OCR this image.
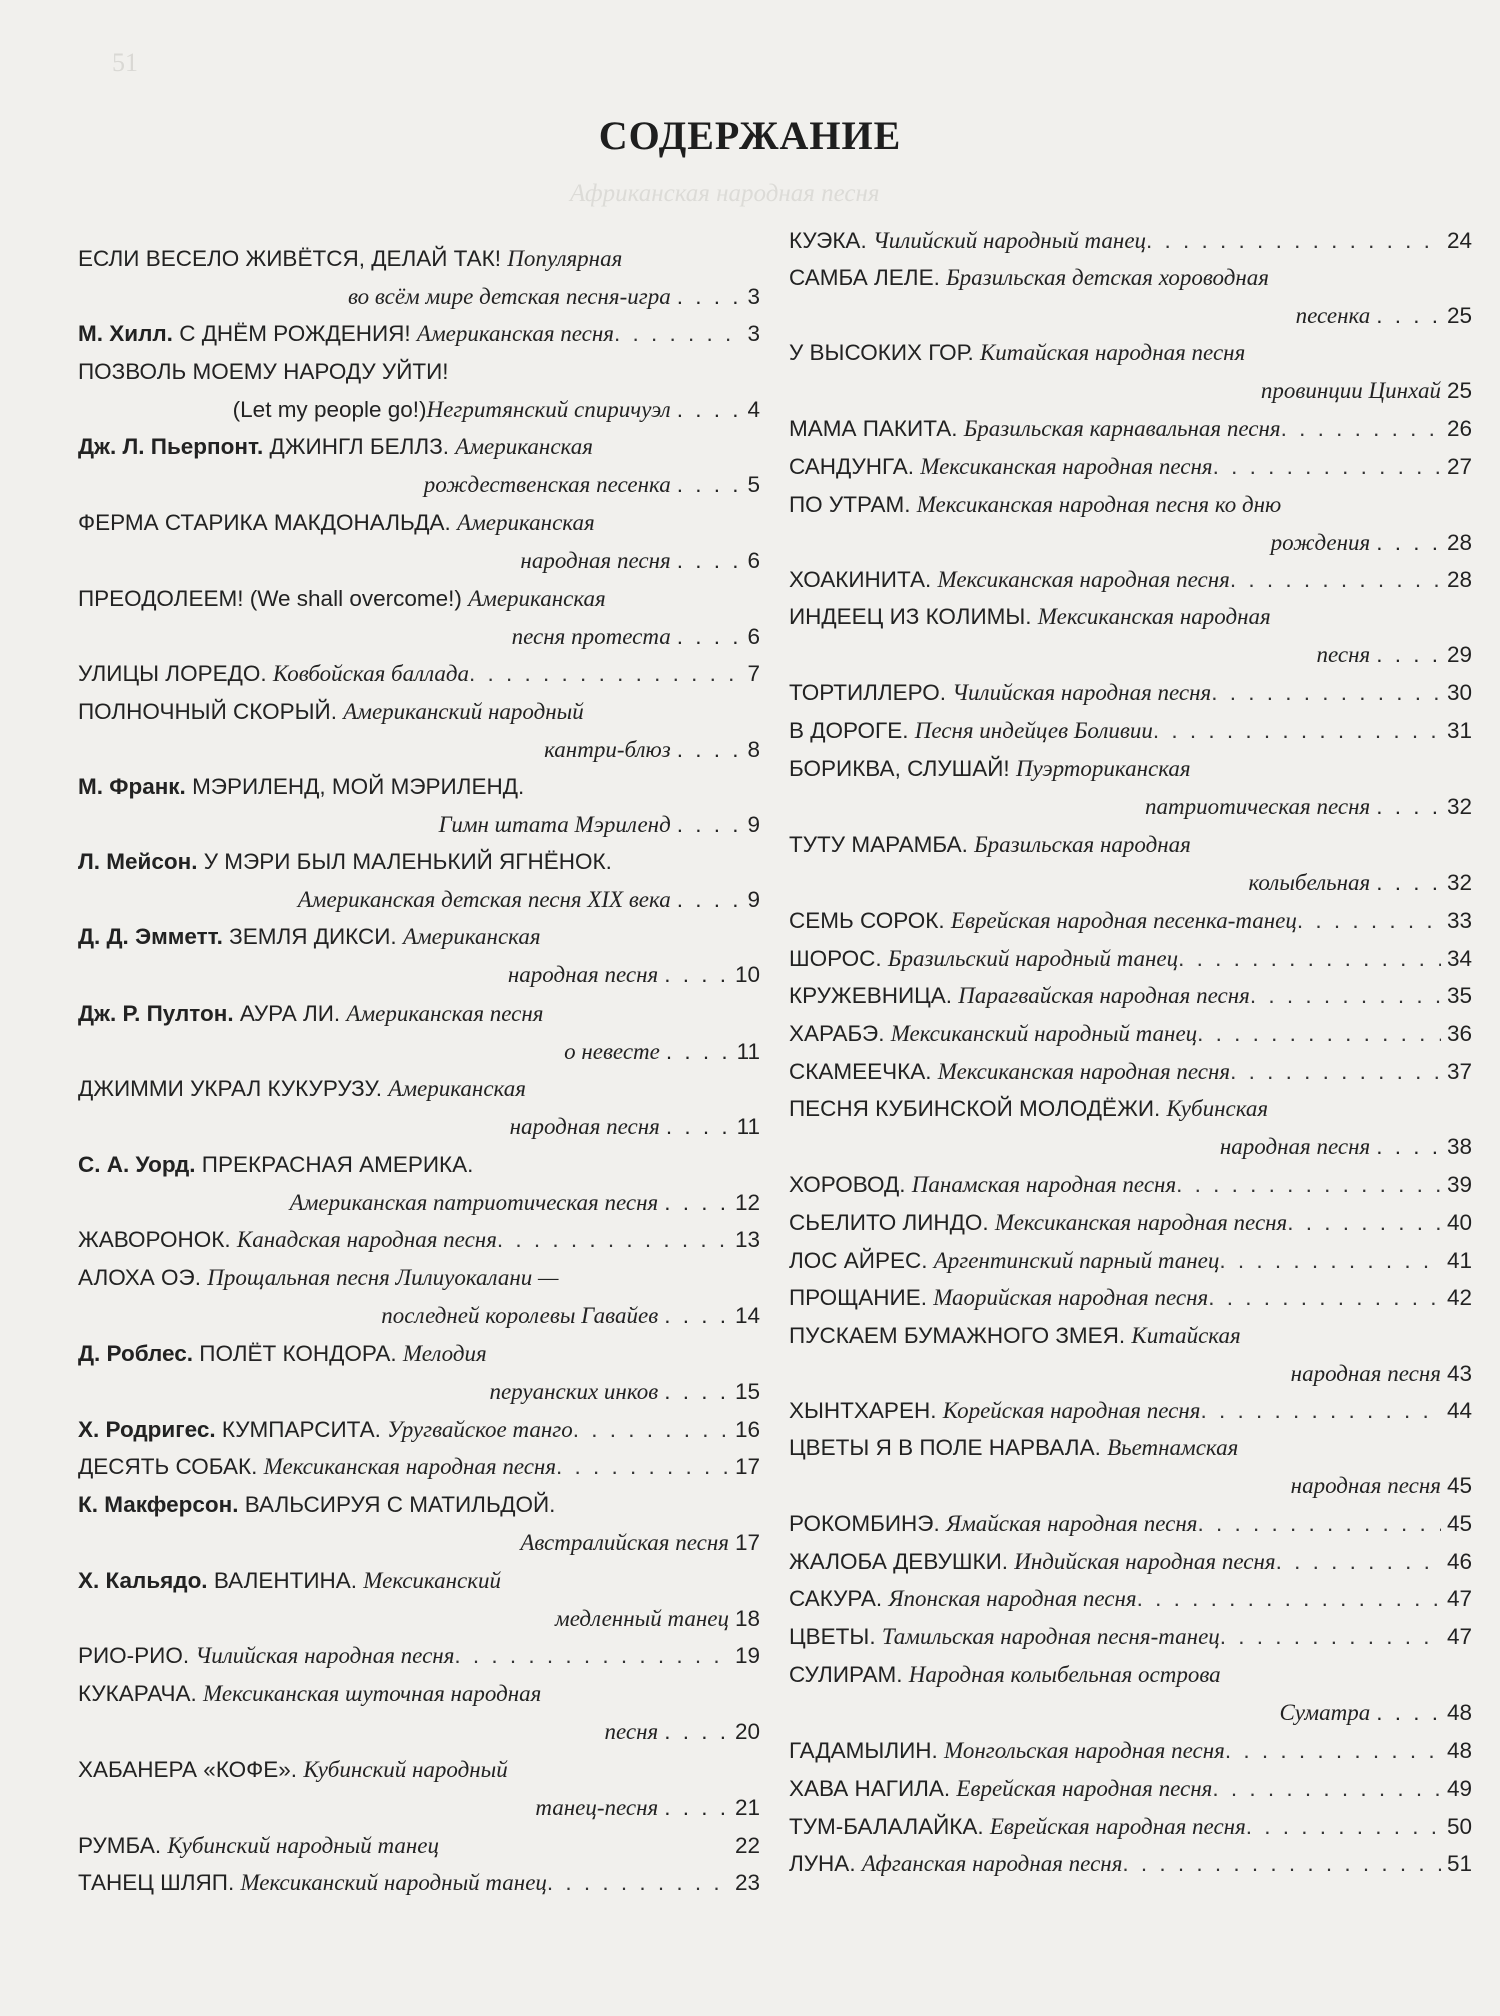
51
СОДЕРЖАНИЕ
Африканская народная песня
ЕСЛИ ВЕСЕЛО ЖИВЁТСЯ, ДЕЛАЙ ТАК! Популярная
во всём мире детская песня-игра . . . . 3
М. Хилл. С ДНЁМ РОЖДЕНИЯ! Американская песня . . .	3
ПОЗВОЛЬ МОЕМУ НАРОДУ УЙТИ!
(Let my people go!) Негритянский спиричуэл . . . . 4
Дж. Л. Пьерпонт. ДЖИНГЛ БЕЛЛЗ. Американская
рождественская песенка . . . . 5
ФЕРМА СТАРИКА МАКДОНАЛЬДА. Американская
народная песня . . . . 6
ПРЕОДОЛЕЕМ! (We shall overcome!) Американская
песня протеста . . . . 6
УЛИЦЫ ЛОРЕДО. Ковбойская баллада . . .	7
ПОЛНОЧНЫЙ СКОРЫЙ. Американский народный
кантри-блюз . . . . 8
М. Франк. МЭРИЛЕНД, МОЙ МЭРИЛЕНД.
Гимн штата Мэриленд . . . . 9
Л. Мейсон. У МЭРИ БЫЛ МАЛЕНЬКИЙ ЯГНЁНОК.
Американская детская песня XIX века . . . . 9
Д. Д. Эмметт. ЗЕМЛЯ ДИКСИ. Американская
народная песня . . . . 10
Дж. Р. Пултон. АУРА ЛИ. Американская песня
о невесте . . . . 11
ДЖИММИ УКРАЛ КУКУРУЗУ. Американская
народная песня . . . . 11
С. А. Уорд. ПРЕКРАСНАЯ АМЕРИКА.
Американская патриотическая песня . . . . 12
ЖАВОРОНОК. Канадская народная песня . . .	13
АЛОХА ОЭ. Прощальная песня Лилиуокалани —
последней королевы Гавайев . . . . 14
Д. Роблес. ПОЛЁТ КОНДОРА. Мелодия
перуанских инков . . . . 15
Х. Родригес. КУМПАРСИТА. Уругвайское танго . . .	16
ДЕСЯТЬ СОБАК. Мексиканская народная песня . . .	17
К. Макферсон. ВАЛЬСИРУЯ С МАТИЛЬДОЙ.
Австралийская песня 17
Х. Кальядо. ВАЛЕНТИНА. Мексиканский
медленный танец 18
РИО-РИО. Чилийская народная песня . . .	19
КУКАРАЧА. Мексиканская шуточная народная
песня . . . . 20
ХАБАНЕРА «КОФЕ». Кубинский народный
танец-песня . . . . 21
РУМБА. Кубинский народный танец	22
ТАНЕЦ ШЛЯП. Мексиканский народный танец . . .	23
КУЭКА. Чилийский народный танец . . .	24
САМБА ЛЕЛЕ. Бразильская детская хороводная
песенка . . . . 25
У ВЫСОКИХ ГОР. Китайская народная песня
провинции Цинхай 25
МАМА ПАКИТА. Бразильская карнавальная песня . . .	26
САНДУНГА. Мексиканская народная песня . . .	27
ПО УТРАМ. Мексиканская народная песня ко дню
рождения . . . . 28
ХОАКИНИТА. Мексиканская народная песня . . .	28
ИНДЕЕЦ ИЗ КОЛИМЫ. Мексиканская народная
песня . . . . 29
ТОРТИЛЛЕРО. Чилийская народная песня . . .	30
В ДОРОГЕ. Песня индейцев Боливии . . .	31
БОРИКВА, СЛУШАЙ! Пуэрториканская
патриотическая песня . . . . 32
ТУТУ МАРАМБА. Бразильская народная
колыбельная . . . . 32
СЕМЬ СОРОК. Еврейская народная песенка-танец . . .	33
ШОРОС. Бразильский народный танец . . .	34
КРУЖЕВНИЦА. Парагвайская народная песня . . .	35
ХАРАБЭ. Мексиканский народный танец . . .	36
СКАМЕЕЧКА. Мексиканская народная песня . . .	37
ПЕСНЯ КУБИНСКОЙ МОЛОДЁЖИ. Кубинская
народная песня . . . . 38
ХОРОВОД. Панамская народная песня . . .	39
СЬЕЛИТО ЛИНДО. Мексиканская народная песня . . .	40
ЛОС АЙРЕС. Аргентинский парный танец . . .	41
ПРОЩАНИЕ. Маорийская народная песня . . .	42
ПУСКАЕМ БУМАЖНОГО ЗМЕЯ. Китайская
народная песня 43
ХЫНТХАРЕН. Корейская народная песня . . .	44
ЦВЕТЫ Я В ПОЛЕ НАРВАЛА. Вьетнамская
народная песня 45
РОКОМБИНЭ. Ямайская народная песня . . .	45
ЖАЛОБА ДЕВУШКИ. Индийская народная песня . . .	46
САКУРА. Японская народная песня . . .	47
ЦВЕТЫ. Тамильская народная песня-танец . . .	47
СУЛИРАМ. Народная колыбельная острова
Суматра . . . . 48
ГАДАМЫЛИН. Монгольская народная песня . . .	48
ХАВА НАГИЛА. Еврейская народная песня . . .	49
ТУМ-БАЛАЛАЙКА. Еврейская народная песня . . .	50
ЛУНА. Афганская народная песня . . .	51
